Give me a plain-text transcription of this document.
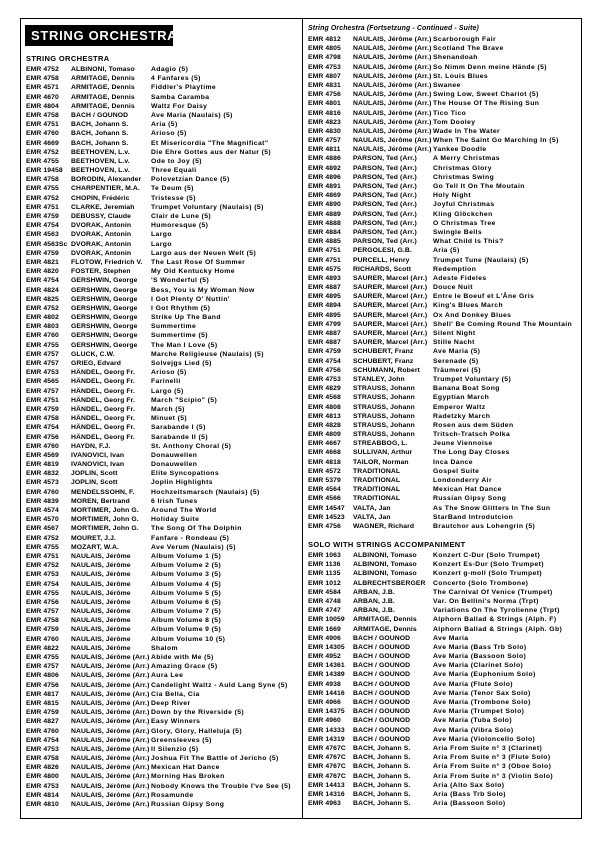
STRING ORCHESTRA
STRING ORCHESTRA
EMR 4752	ALBINONI, Tomaso	Adagio (5)
EMR 4758	ARMITAGE, Dennis	4 Fanfares (5)
EMR 4571	ARMITAGE, Dennis	Fiddler's Playtime
EMR 4670	ARMITAGE, Dennis	Samba Caramba
EMR 4804	ARMITAGE, Dennis	Waltz For Daisy
EMR 4758	BACH / GOUNOD	Ave Maria (Naulais) (5)
EMR 4751	BACH, Johann S.	Aria (5)
EMR 4760	BACH, Johann S.	Arioso (5)
EMR 4669	BACH, Johann S.	Et Misericordia "The Magnificat"
EMR 4752	BEETHOVEN, L.v.	Die Ehre Gottes aus der Natur (5)
EMR 4755	BEETHOVEN, L.v.	Ode to Joy (5)
EMR 19458	BEETHOVEN, L.v.	Three Equali
EMR 4758	BORODIN, Alexander	Polovetzian Dance (5)
EMR 4755	CHARPENTIER, M.A.	Te Deum (5)
EMR 4752	CHOPIN, Frédéric	Tristesse (5)
EMR 4751	CLARKE, Jeremiah	Trumpet Voluntary (Naulais) (5)
EMR 4759	DEBUSSY, Claude	Clair de Lune (5)
EMR 4754	DVORAK, Antonin	Humoresque (5)
EMR 4563	DVORAK, Antonin	Largo
EMR 4563Sc DVORAK, Antonin	Largo
EMR 4759	DVORAK, Antonin	Largo aus der Neuen Welt (5)
EMR 4821	FLOTOW, Friedrich V.	The Last Rose Of Summer
EMR 4820	FOSTER, Stephen	My Old Kentucky Home
EMR 4754	GERSHWIN, George	'S Wonderful (5)
EMR 4824	GERSHWIN, George	Bess, You is My Woman Now
EMR 4825	GERSHWIN, George	I Got Plenty O' Nuttin'
EMR 4752	GERSHWIN, George	I Got Rhythm (5)
EMR 4802	GERSHWIN, George	Strike Up The Band
EMR 4803	GERSHWIN, George	Summertime
EMR 4760	GERSHWIN, George	Summertime (5)
EMR 4755	GERSHWIN, George	The Man I Love (5)
EMR 4757	GLUCK, C.W.	Marche Religieuse (Naulais) (5)
EMR 4757	GRIEG, Edvard	Solvejgs Lied (5)
EMR 4753	HÄNDEL, Georg Fr.	Arioso (5)
EMR 4565	HÄNDEL, Georg Fr.	Farinelli
EMR 4757	HÄNDEL, Georg Fr.	Largo (5)
EMR 4751	HÄNDEL, Georg Fr.	March "Scipio" (5)
EMR 4759	HÄNDEL, Georg Fr.	March (5)
EMR 4758	HÄNDEL, Georg Fr.	Minuet (5)
EMR 4754	HÄNDEL, Georg Fr.	Sarabande I (5)
EMR 4756	HÄNDEL, Georg Fr.	Sarabande II (5)
EMR 4760	HAYDN, F.J.	St. Anthony Choral (5)
EMR 4569	IVANOVICI, Ivan	Donauwellen
EMR 4819	IVANOVICI, Ivan	Donauwellen
EMR 4832	JOPLIN, Scott	Elite Syncopations
EMR 4573	JOPLIN, Scott	Joplin Highlights
EMR 4760	MENDELSSOHN, F.	Hochzeitsmarsch (Naulais) (5)
EMR 4839	MOREN, Bertrand	6 Irish Tunes
EMR 4574	MORTIMER, John G.	Around The World
EMR 4570	MORTIMER, John G.	Holiday Suite
EMR 4567	MORTIMER, John G.	The Song Of The Dolphin
EMR 4752	MOURET, J.J.	Fanfare - Rondeau (5)
EMR 4755	MOZART, W.A.	Ave Verum (Naulais) (5)
EMR 4751	NAULAIS, Jérôme	Album Volume 1 (5)
EMR 4752	NAULAIS, Jérôme	Album Volume 2 (5)
EMR 4753	NAULAIS, Jérôme	Album Volume 3 (5)
EMR 4754	NAULAIS, Jérôme	Album Volume 4 (5)
EMR 4755	NAULAIS, Jérôme	Album Volume 5 (5)
EMR 4756	NAULAIS, Jérôme	Album Volume 6 (5)
EMR 4757	NAULAIS, Jérôme	Album Volume 7 (5)
EMR 4758	NAULAIS, Jérôme	Album Volume 8 (5)
EMR 4759	NAULAIS, Jérôme	Album Volume 9 (5)
EMR 4760	NAULAIS, Jérôme	Album Volume 10 (5)
EMR 4822	NAULAIS, Jérôme	Shalom
EMR 4755	NAULAIS, Jérôme (Arr.) Abide with Me (5)
EMR 4757	NAULAIS, Jérôme (Arr.) Amazing Grace (5)
EMR 4806	NAULAIS, Jérôme (Arr.) Aura Lee
EMR 4756	NAULAIS, Jérôme (Arr.) Candelight Waltz - Auld Lang Syne (5)
EMR 4817	NAULAIS, Jérôme (Arr.) Cia Bella, Cia
EMR 4815	NAULAIS, Jérôme (Arr.) Deep River
EMR 4759	NAULAIS, Jérôme (Arr.) Down by the Riverside (5)
EMR 4827	NAULAIS, Jérôme (Arr.) Easy Winners
EMR 4760	NAULAIS, Jérôme (Arr.) Glory, Glory, Halleluja (5)
EMR 4754	NAULAIS, Jérôme (Arr.) Greensleeves (5)
EMR 4753	NAULAIS, Jérôme (Arr.) Il Silenzio (5)
EMR 4758	NAULAIS, Jérôme (Arr.) Joshua Fit The Battle of Jericho (5)
EMR 4826	NAULAIS, Jérôme (Arr.) Mexican Hat Dance
EMR 4800	NAULAIS, Jérôme (Arr.) Morning Has Broken
EMR 4753	NAULAIS, Jérôme (Arr.) Nobody Knows the Trouble I've See (5)
EMR 4814	NAULAIS, Jérôme (Arr.) Rosamunde
EMR 4810	NAULAIS, Jérôme (Arr.) Russian Gipsy Song
String Orchestra (Fortsetzung - Continued - Suite)
EMR 4812	NAULAIS, Jérôme (Arr.) Scarborough Fair
EMR 4805	NAULAIS, Jérôme (Arr.) Scotland The Brave
EMR 4798	NAULAIS, Jérôme (Arr.) Shenandoah
EMR 4753	NAULAIS, Jérôme (Arr.) So Nimm Denn meine Hände (5)
EMR 4807	NAULAIS, Jérôme (Arr.) St. Louis Blues
EMR 4831	NAULAIS, Jérôme (Arr.) Swanee
EMR 4756	NAULAIS, Jérôme (Arr.) Swing Low, Sweet Chariot (5)
EMR 4801	NAULAIS, Jérôme (Arr.) The House Of The Rising Sun
EMR 4816	NAULAIS, Jérôme (Arr.) Tico Tico
EMR 4823	NAULAIS, Jérôme (Arr.) Tom Dooley
EMR 4830	NAULAIS, Jérôme (Arr.) Wade In The Water
EMR 4757	NAULAIS, Jérôme (Arr.) When The Saint Go Marching In (5)
EMR 4811	NAULAIS, Jérôme (Arr.) Yankee Doodle
EMR 4886	PARSON, Ted (Arr.)	A Merry Christmas
EMR 4892	PARSON, Ted (Arr.)	Christmas Glory
EMR 4896	PARSON, Ted (Arr.)	Christmas Swing
EMR 4891	PARSON, Ted (Arr.)	Go Tell It On The Moutain
EMR 4869	PARSON, Ted (Arr.)	Holy Night
EMR 4890	PARSON, Ted (Arr.)	Joyful Christmas
EMR 4889	PARSON, Ted (Arr.)	Kling Glöckchen
EMR 4888	PARSON, Ted (Arr.)	O Christmas Tree
EMR 4884	PARSON, Ted (Arr.)	Swingle Bells
EMR 4885	PARSON, Ted (Arr.)	What Child Is This?
EMR 4751	PERGOLESI, G.B.	Aria (5)
EMR 4751	PURCELL, Henry	Trumpet Tune (Naulais) (5)
EMR 4575	RICHARDS, Scott	Redemption
EMR 4893	SAURER, Marcel (Arr.) Adeste Fideles
EMR 4887	SAURER, Marcel (Arr.) Douce Nuit
EMR 4895	SAURER, Marcel (Arr.) Entre le Boeuf et L'Âne Gris
EMR 4894	SAURER, Marcel (Arr.) King's Blues March
EMR 4895	SAURER, Marcel (Arr.) Ox And Donkey Blues
EMR 4799	SAURER, Marcel (Arr.) Shell' Be Coming Round The Mountain
EMR 4887	SAURER, Marcel (Arr.) Silent Night
EMR 4887	SAURER, Marcel (Arr.) Stille Nacht
EMR 4759	SCHUBERT, Franz	Ave Maria (5)
EMR 4754	SCHUBERT, Franz	Serenade (5)
EMR 4756	SCHUMANN, Robert	Träumerei (5)
EMR 4753	STANLEY, John	Trumpet Voluntary (5)
EMR 4829	STRAUSS, Johann	Banana Boat Song
EMR 4568	STRAUSS, Johann	Egyptian March
EMR 4808	STRAUSS, Johann	Emperor Waltz
EMR 4813	STRAUSS, Johann	Radetzky March
EMR 4828	STRAUSS, Johann	Rosen aus dem Süden
EMR 4809	STRAUSS, Johann	Tritsch-Tratsch Polka
EMR 4667	STREABBOG, L.	Jeune Viennoise
EMR 4668	SULLIVAN, Arthur	The Long Day Closes
EMR 4818	TAILOR, Norman	Inca Dance
EMR 4572	TRADITIONAL	Gospel Suite
EMR 5379	TRADITIONAL	Londonderry Air
EMR 4564	TRADITIONAL	Mexican Hat Dance
EMR 4566	TRADITIONAL	Russian Gipsy Song
EMR 14547	VALTA, Jan	As The Snow Glitters In The Sun
EMR 14523	VALTA, Jan	StarBand Introdutcion
EMR 4756	WAGNER, Richard	Brautchor aus Lohengrin (5)
SOLO WITH STRINGS ACCOMPANIMENT
EMR 1063	ALBINONI, Tomaso	Konzert C-Dur (Solo Trumpet)
EMR 1136	ALBINONI, Tomaso	Konzert Es-Dur (Solo Trumpet)
EMR 1135	ALBINONI, Tomaso	Konzert g-moll (Solo Trumpet)
EMR 1012	ALBRECHTSBERGER	Concerto (Solo Trombone)
EMR 4584	ARBAN, J.B.	The Carnival Of Venice (Trumpet)
EMR 4748	ARBAN, J.B.	Var. On Bellini's Norma (Trpt)
EMR 4747	ARBAN, J.B.	Variations On The Tyrolienne (Trpt)
EMR 10059	ARMITAGE, Dennis	Alphorn Ballad & Strings (Alph. F)
EMR 1669	ARMITAGE, Dennis	Alphorn Ballad & Strings (Alph. Gb)
EMR 4906	BACH / GOUNOD	Ave Maria
EMR 14305	BACH / GOUNOD	Ave Maria (Bass Trb Solo)
EMR 4952	BACH / GOUNOD	Ave Maria (Bassoon Solo)
EMR 14361	BACH / GOUNOD	Ave Maria (Clarinet Solo)
EMR 14389	BACH / GOUNOD	Ave Maria (Euphonium Solo)
EMR 4938	BACH / GOUNOD	Ave Maria (Flute Solo)
EMR 14416	BACH / GOUNOD	Ave Maria (Tenor Sax Solo)
EMR 4966	BACH / GOUNOD	Ave Maria (Trombone Solo)
EMR 14375	BACH / GOUNOD	Ave Maria (Trumpet Solo)
EMR 4960	BACH / GOUNOD	Ave Maria (Tuba Solo)
EMR 14333	BACH / GOUNOD	Ave Maria (Vibra Solo)
EMR 14319	BACH / GOUNOD	Ave Maria (Violoncello Solo)
EMR 4767C	BACH, Johann S.	Aria From Suite n° 3 (Clarinet)
EMR 4767C	BACH, Johann S.	Aria From Suite n° 3 (Flute Solo)
EMR 4767C	BACH, Johann S.	Aria From Suite n° 3 (Oboe Solo)
EMR 4767C	BACH, Johann S.	Aria From Suite n° 3 (Violin Solo)
EMR 14413	BACH, Johann S.	Aria (Alto Sax Solo)
EMR 14316	BACH, Johann S.	Aria (Bass Trb Solo)
EMR 4963	BACH, Johann S.	Aria (Bassoon Solo)
